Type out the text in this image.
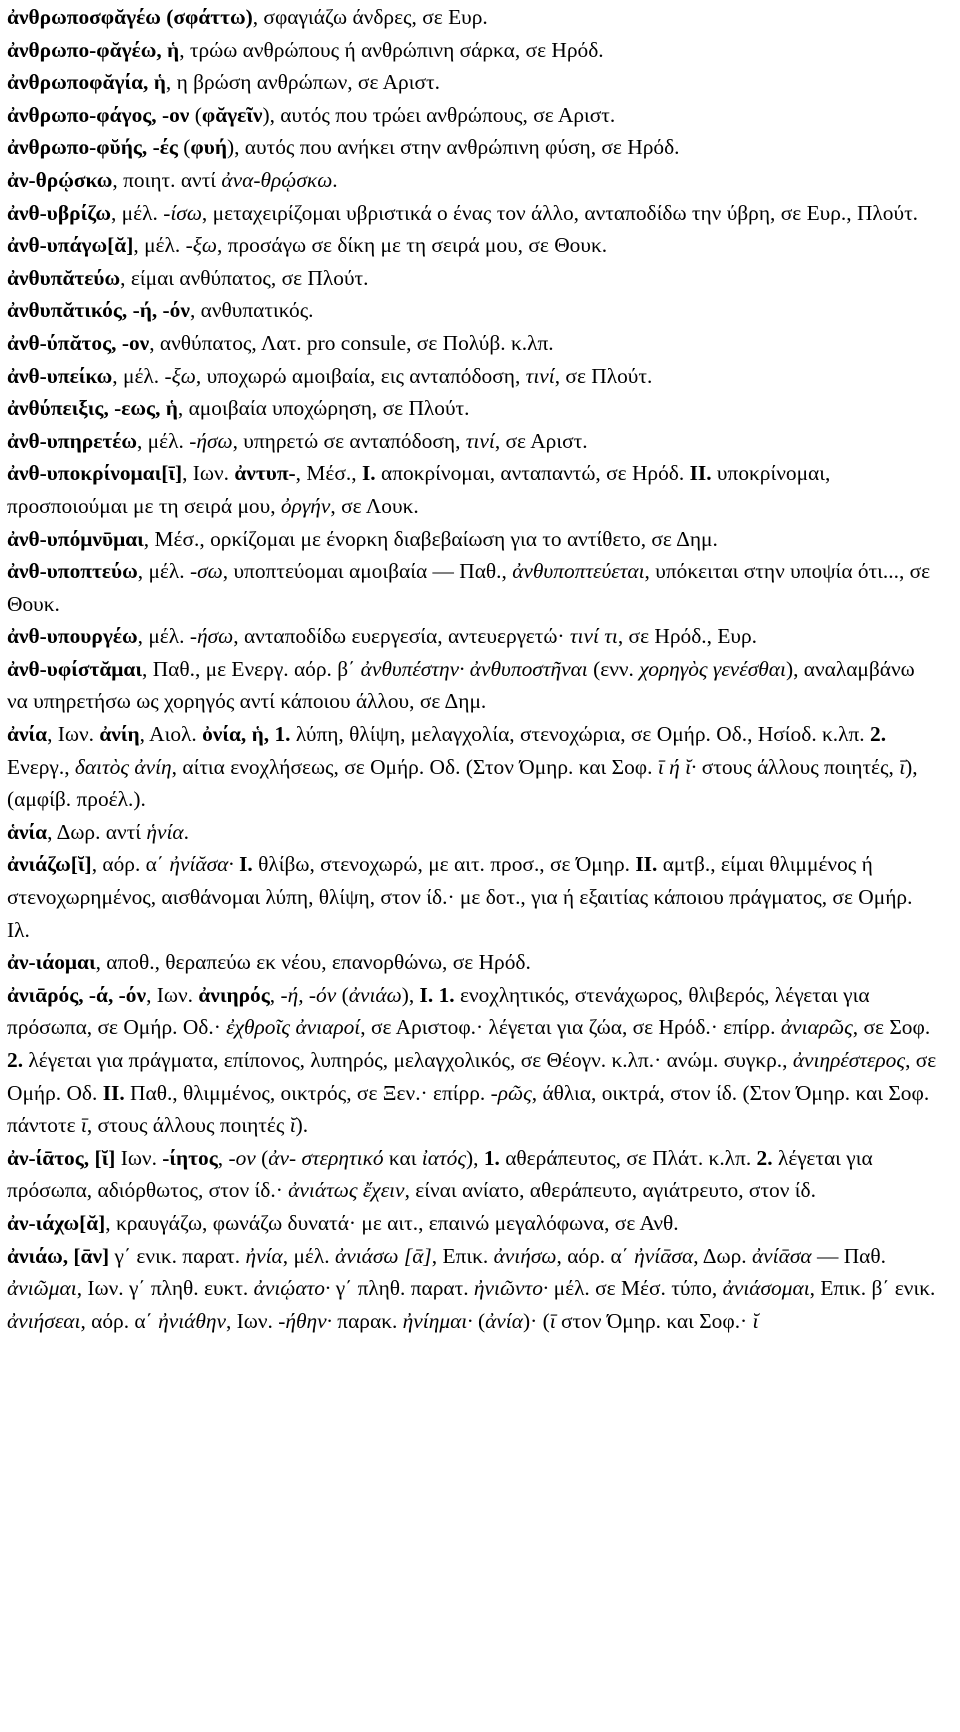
ἀνθρωποσφᾰγέω (σφάττω), σφαγιάζω άνδρες, σε Ευρ.

ἀνθρωπο-φᾰγέω, ἡ, τρώω ανθρώπους ή ανθρώπινη σάρκα, σε Ηρόδ.

ἀνθρωποφᾰγία, ἡ, η βρώση ανθρώπων, σε Αριστ.

ἀνθρωπο-φάγος, -ον (φᾰγεῖν), αυτός που τρώει ανθρώπους, σε Αριστ.

ἀνθρωπο-φῠής, -ές (φυή), αυτός που ανήκει στην ανθρώπινη φύση, σε Ηρόδ.

ἀν-θρῴσκω, ποιητ. αντί ἀνα-θρῴσκω.

ἀνθ-υβρίζω, μέλ. -ίσω, μεταχειρίζομαι υβριστικά ο ένας τον άλλο, ανταποδίδω την ύβρη, σε Ευρ., Πλούτ.

ἀνθ-υπάγω[ᾰ], μέλ. -ξω, προσάγω σε δίκη με τη σειρά μου, σε Θουκ.

ἀνθυπᾰτεύω, είμαι ανθύπατος, σε Πλούτ.

ἀνθυπᾰτικός, -ή, -όν, ανθυπατικός.

ἀνθ-ύπᾰτος, -ον, ανθύπατος, Λατ. pro consule, σε Πολύβ. κ.λπ.

ἀνθ-υπείκω, μέλ. -ξω, υποχωρώ αμοιβαία, εις ανταπόδοση, τινί, σε Πλούτ.

ἀνθύπειξις, -εως, ἡ, αμοιβαία υποχώρηση, σε Πλούτ.

ἀνθ-υπηρετέω, μέλ. -ήσω, υπηρετώ σε ανταπόδοση, τινί, σε Αριστ.

ἀνθ-υποκρίνομαι[ῑ], Ιων. ἀντυπ-, Μέσ., I. αποκρίνομαι, ανταπαντώ, σε Ηρόδ. II. υποκρίνομαι, προσποιούμαι με τη σειρά μου, ὀργήν, σε Λουκ.

ἀνθ-υπόμνῡμαι, Μέσ., ορκίζομαι με ένορκη διαβεβαίωση για το αντίθετο, σε Δημ.

ἀνθ-υποπτεύω, μέλ. -σω, υποπτεύομαι αμοιβαία — Παθ., ἀνθυποπτεύεται, υπόκειται στην υποψία ότι..., σε Θουκ.

ἀνθ-υπουργέω, μέλ. -ήσω, ανταποδίδω ευεργεσία, αντευεργετώ· τινί τι, σε Ηρόδ., Ευρ.

ἀνθ-υφίστᾰμαι, Παθ., με Ενεργ. αόρ. β΄ ἀνθυπέστην· ἀνθυποστῆναι (ενν. χορηγὸς γενέσθαι), αναλαμβάνω να υπηρετήσω ως χορηγός αντί κάποιου άλλου, σε Δημ.

ἀνία, Ιων. ἀνίη, Αιολ. ὀνία, ἡ, 1. λύπη, θλίψη, μελαγχολία, στενοχώρια, σε Ομήρ. Οδ., Ησίοδ. κ.λπ. 2. Ενεργ., δαιτὸς ἀνίη, αίτια ενοχλήσεως, σε Ομήρ. Οδ. (Στον Όμηρ. και Σοφ. ῑ ή ῐ· στους άλλους ποιητές, ῑ), (αμφίβ. προέλ.).

ἁνία, Δωρ. αντί ἡνία.

ἀνιάζω[ῐ], αόρ. α΄ ἠνίᾰσα· I. θλίβω, στενοχωρώ, με αιτ. προσ., σε Όμηρ. II. αμτβ., είμαι θλιμμένος ή στενοχωρημένος, αισθάνομαι λύπη, θλίψη, στον ίδ.· με δοτ., για ή εξαιτίας κάποιου πράγματος, σε Ομήρ. Ιλ.

ἀν-ιάομαι, αποθ., θεραπεύω εκ νέου, επανορθώνω, σε Ηρόδ.

ἀνιᾱρός, -ά, -όν, Ιων. ἀνιηρός, -ή, -όν (ἀνιάω), I. 1. ενοχλητικός, στενάχωρος, θλιβερός, λέγεται για πρόσωπα, σε Ομήρ. Οδ.· ἐχθροῖς ἀνιαροί, σε Αριστοφ.· λέγεται για ζώα, σε Ηρόδ.· επίρρ. ἀνιαρῶς, σε Σοφ. 2. λέγεται για πράγματα, επίπονος, λυπηρός, μελαγχολικός, σε Θέογν. κ.λπ.· ανώμ. συγκρ., ἀνιηρέστερος, σε Ομήρ. Οδ. II. Παθ., θλιμμένος, οικτρός, σε Ξεν.· επίρρ. -ρῶς, άθλια, οικτρά, στον ίδ. (Στον Όμηρ. και Σοφ. πάντοτε ῑ, στους άλλους ποιητές ῐ).

ἀν-ίᾱτος, [ῐ] Ιων. -ίητος, -ον (ἀν- στερητικό και ἰατός), 1. αθεράπευτος, σε Πλάτ. κ.λπ. 2. λέγεται για πρόσωπα, αδιόρθωτος, στον ίδ.· ἀνιάτως ἔχειν, είναι ανίατο, αθεράπευτο, αγιάτρευτο, στον ίδ.

ἀν-ιάχω[ᾰ], κραυγάζω, φωνάζω δυνατά· με αιτ., επαινώ μεγαλόφωνα, σε Ανθ.

ἀνιάω, [ᾱν] γ΄ ενικ. παρατ. ἠνία, μέλ. ἀνιάσω [ᾱ], Επικ. ἀνιήσω, αόρ. α΄ ἠνίᾱσα, Δωρ. ἀνίᾱσα — Παθ. ἀνιῶμαι, Ιων. γ΄ πληθ. ευκτ. ἀνιῴατο· γ΄ πληθ. παρατ. ἠνιῶντο· μέλ. σε Μέσ. τύπο, ἀνιάσομαι, Επικ. β΄ ενικ. ἀνιήσεαι, αόρ. α΄ ἠνιάθην, Ιων. -ήθην· παρακ. ἠνίημαι· (ἀνία)· (ῑ στον Όμηρ. και Σοφ.· ῐ
